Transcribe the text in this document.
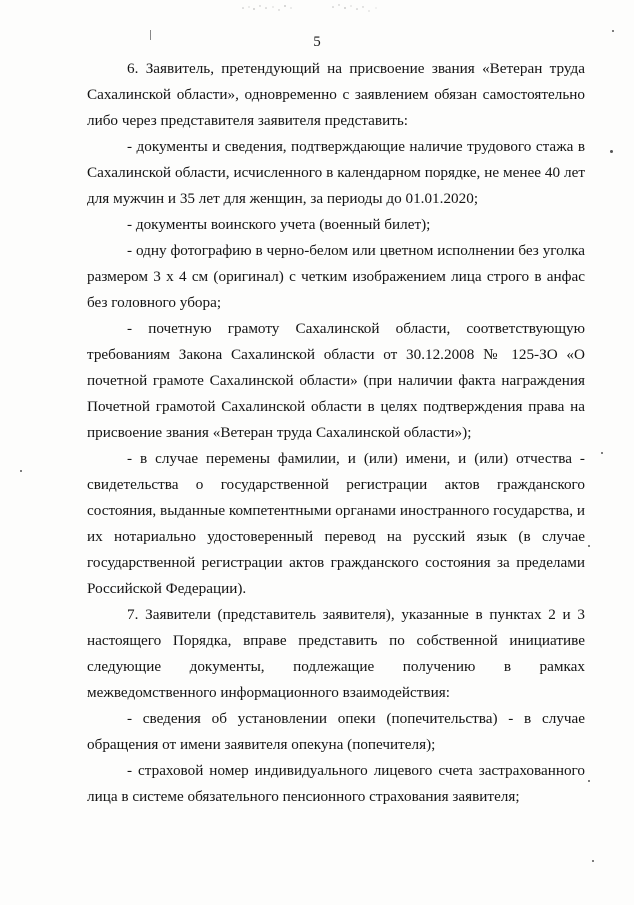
5

6. Заявитель, претендующий на присвоение звания «Ветеран труда Сахалинской области», одновременно с заявлением обязан самостоятельно либо через представителя заявителя представить:

- документы и сведения, подтверждающие наличие трудового стажа в Сахалинской области, исчисленного в календарном порядке, не менее 40 лет для мужчин и 35 лет для женщин, за периоды до 01.01.2020;

- документы воинского учета (военный билет);

- одну фотографию в черно-белом или цветном исполнении без уголка размером 3 х 4 см (оригинал) с четким изображением лица строго в анфас без головного убора;

- почетную грамоту Сахалинской области, соответствующую требованиям Закона Сахалинской области от 30.12.2008 № 125-ЗО «О почетной грамоте Сахалинской области» (при наличии факта награждения Почетной грамотой Сахалинской области в целях подтверждения права на присвоение звания «Ветеран труда Сахалинской области»);

- в случае перемены фамилии, и (или) имени, и (или) отчества - свидетельства о государственной регистрации актов гражданского состояния, выданные компетентными органами иностранного государства, и их нотариально удостоверенный перевод на русский язык (в случае государственной регистрации актов гражданского состояния за пределами Российской Федерации).

7. Заявители (представитель заявителя), указанные в пунктах 2 и 3 настоящего Порядка, вправе представить по собственной инициативе следующие документы, подлежащие получению в рамках межведомственного информационного взаимодействия:

- сведения об установлении опеки (попечительства) - в случае обращения от имени заявителя опекуна (попечителя);

- страховой номер индивидуального лицевого счета застрахованного лица в системе обязательного пенсионного страхования заявителя;
